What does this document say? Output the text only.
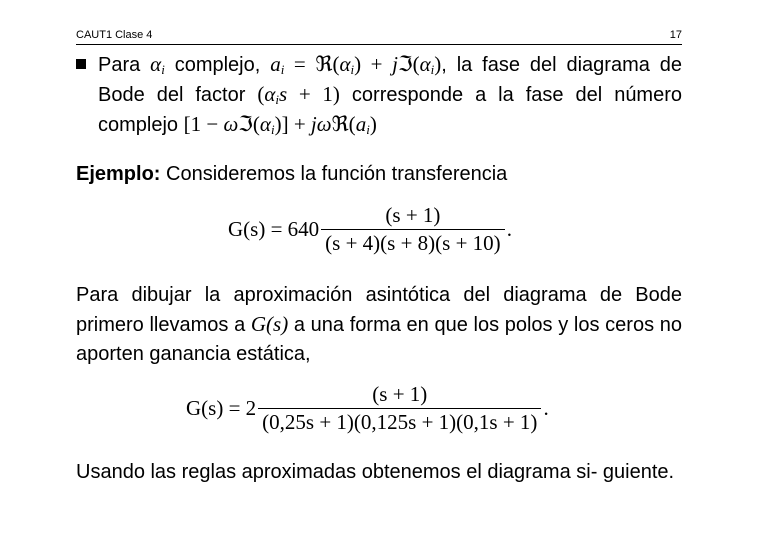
CAUT1 Clase 4	17
Para $\alpha_i$ complejo, $a_i$ = $ℜ(\alpha_i)$ + $jℑ(\alpha_i)$, la fase del diagrama de Bode del factor $(\alpha_is + 1)$ corresponde a la fase del número complejo $[1 - \omega ℑ(\alpha_i)]$ + $j\omega ℜ(a_i)$
Ejemplo: Consideremos la función transferencia
$G(s) = 640 \frac{(s + 1)}{(s + 4)(s + 8)(s + 10)}$ .
Para dibujar la aproximación asintótica del diagrama de Bode primero llevamos a G(s) a una forma en que los polos y los ceros no aporten ganancia estática,
$G(s) = 2 \frac{(s + 1)}{(0,25s + 1)(0,125s + 1)(0,1s + 1)}$ .
Usando las reglas aproximadas obtenemos el diagrama si- guiente.
